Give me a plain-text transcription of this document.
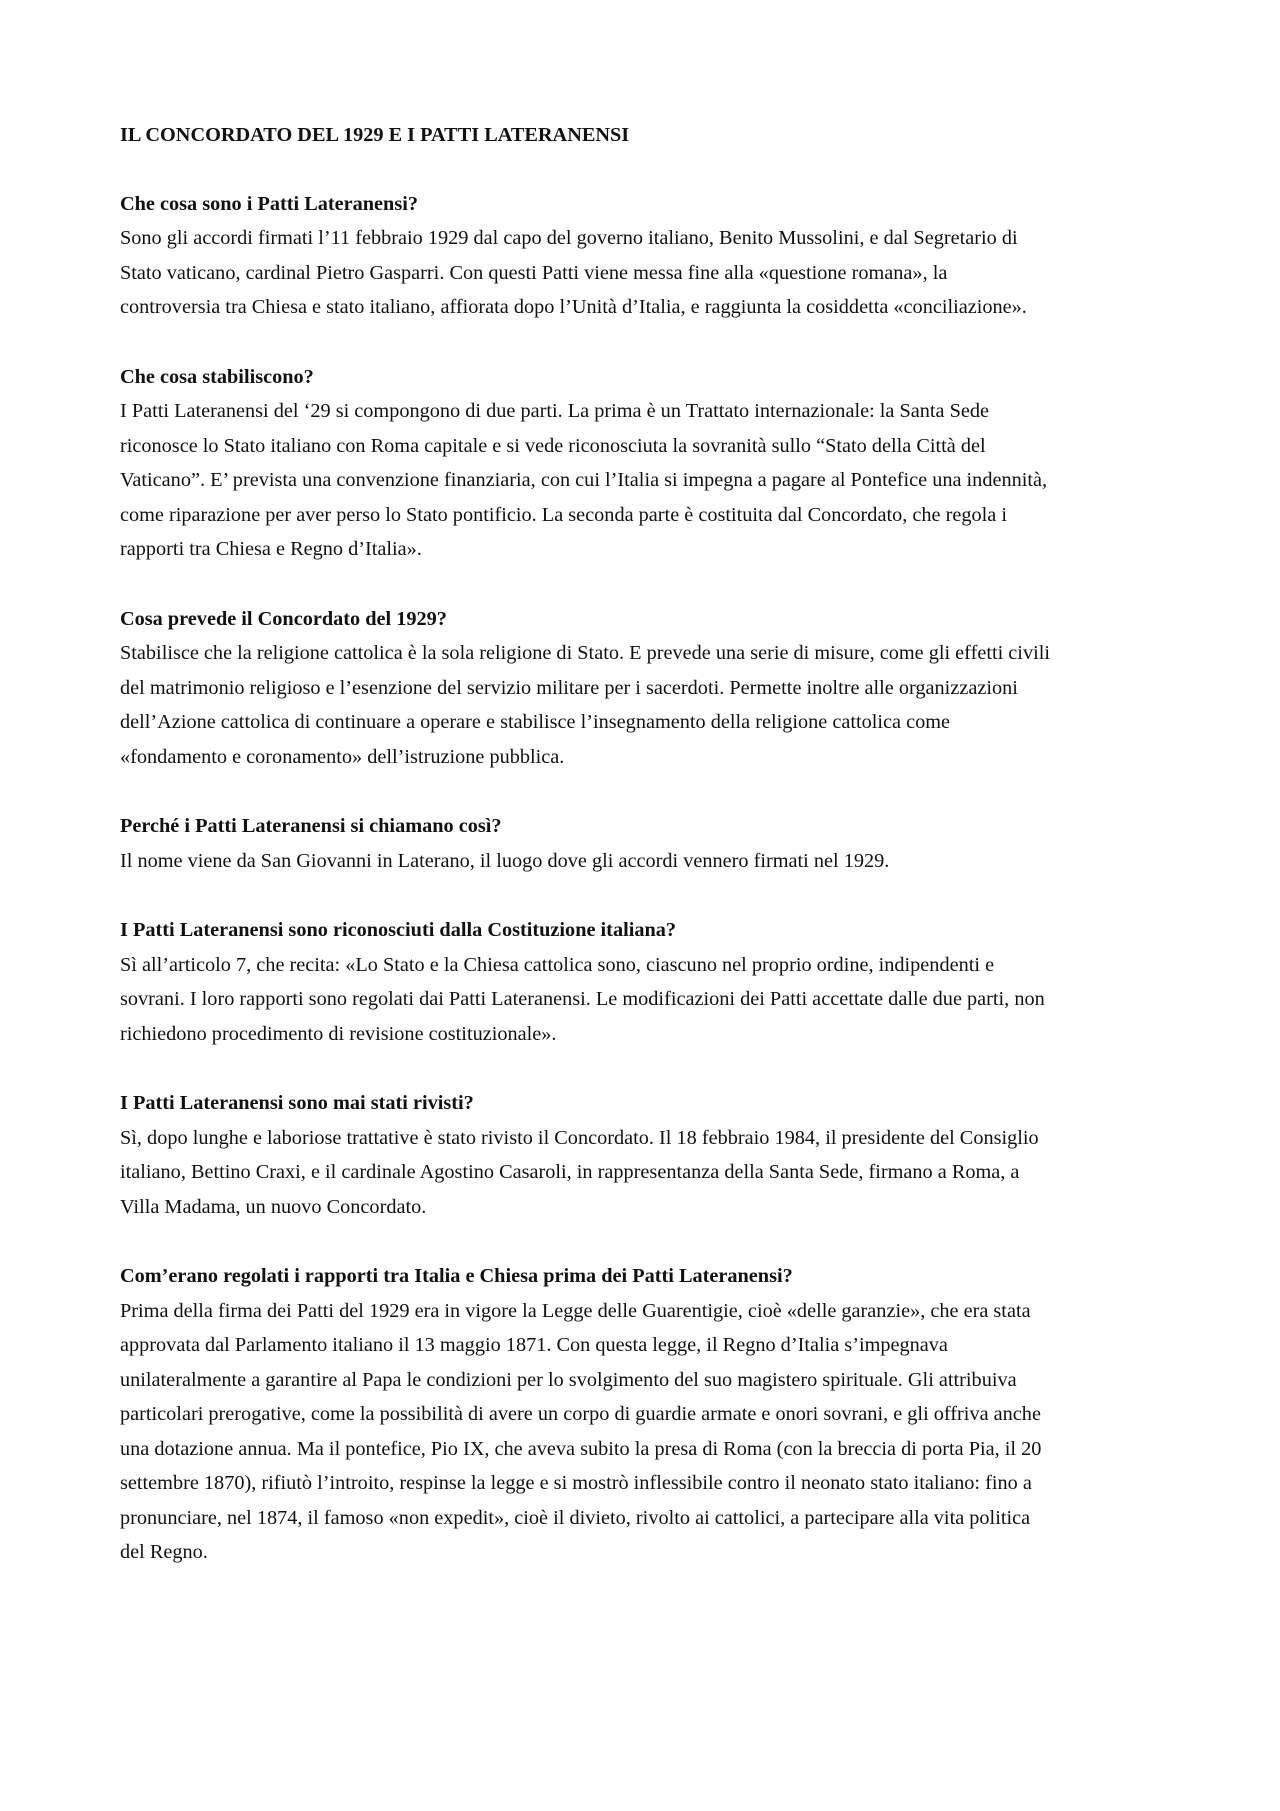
IL CONCORDATO DEL 1929 E I PATTI LATERANENSI

Che cosa sono i Patti Lateranensi?

Sono gli accordi firmati l’11 febbraio 1929 dal capo del governo italiano, Benito Mussolini, e dal Segretario di
Stato vaticano, cardinal Pietro Gasparri. Con questi Patti viene messa fine alla «questione romana», la
controversia tra Chiesa e stato italiano, affiorata dopo l’Unità d’Italia, e raggiunta la cosiddetta «conciliazione».

Che cosa stabiliscono?

I Patti Lateranensi del ‘29 si compongono di due parti. La prima è un Trattato internazionale: la Santa Sede
riconosce lo Stato italiano con Roma capitale e si vede riconosciuta la sovranità sullo “Stato della Città del
Vaticano”. E’ prevista una convenzione finanziaria, con cui l’Italia si impegna a pagare al Pontefice una indennità,
come riparazione per aver perso lo Stato pontificio. La seconda parte è costituita dal Concordato, che regola i
rapporti tra Chiesa e Regno d’Italia».

Cosa prevede il Concordato del 1929?

Stabilisce che la religione cattolica è la sola religione di Stato. E prevede una serie di misure, come gli effetti civili
del matrimonio religioso e l’esenzione del servizio militare per i sacerdoti. Permette inoltre alle organizzazioni
dell’Azione cattolica di continuare a operare e stabilisce l’insegnamento della religione cattolica come
«fondamento e coronamento» dell’istruzione pubblica.

Perché i Patti Lateranensi si chiamano così?

Il nome viene da San Giovanni in Laterano, il luogo dove gli accordi vennero firmati nel 1929.

I Patti Lateranensi sono riconosciuti dalla Costituzione italiana?

Sì all’articolo 7, che recita: «Lo Stato e la Chiesa cattolica sono, ciascuno nel proprio ordine, indipendenti e
sovrani. I loro rapporti sono regolati dai Patti Lateranensi. Le modificazioni dei Patti accettate dalle due parti, non
richiedono procedimento di revisione costituzionale».

I Patti Lateranensi sono mai stati rivisti?

Sì, dopo lunghe e laboriose trattative è stato rivisto il Concordato. Il 18 febbraio 1984, il presidente del Consiglio
italiano, Bettino Craxi, e il cardinale Agostino Casaroli, in rappresentanza della Santa Sede, firmano a Roma, a
Villa Madama, un nuovo Concordato.

Com’erano regolati i rapporti tra Italia e Chiesa prima dei Patti Lateranensi?

Prima della firma dei Patti del 1929 era in vigore la Legge delle Guarentigie, cioè «delle garanzie», che era stata
approvata dal Parlamento italiano il 13 maggio 1871. Con questa legge, il Regno d’Italia s’impegnava
unilateralmente a garantire al Papa le condizioni per lo svolgimento del suo magistero spirituale. Gli attribuiva
particolari prerogative, come la possibilità di avere un corpo di guardie armate e onori sovrani, e gli offriva anche
una dotazione annua. Ma il pontefice, Pio IX, che aveva subito la presa di Roma (con la breccia di porta Pia, il 20
settembre 1870), rifiutò l’introito, respinse la legge e si mostrò inflessibile contro il neonato stato italiano: fino a
pronunciare, nel 1874, il famoso «non expedit», cioè il divieto, rivolto ai cattolici, a partecipare alla vita politica
del Regno.
